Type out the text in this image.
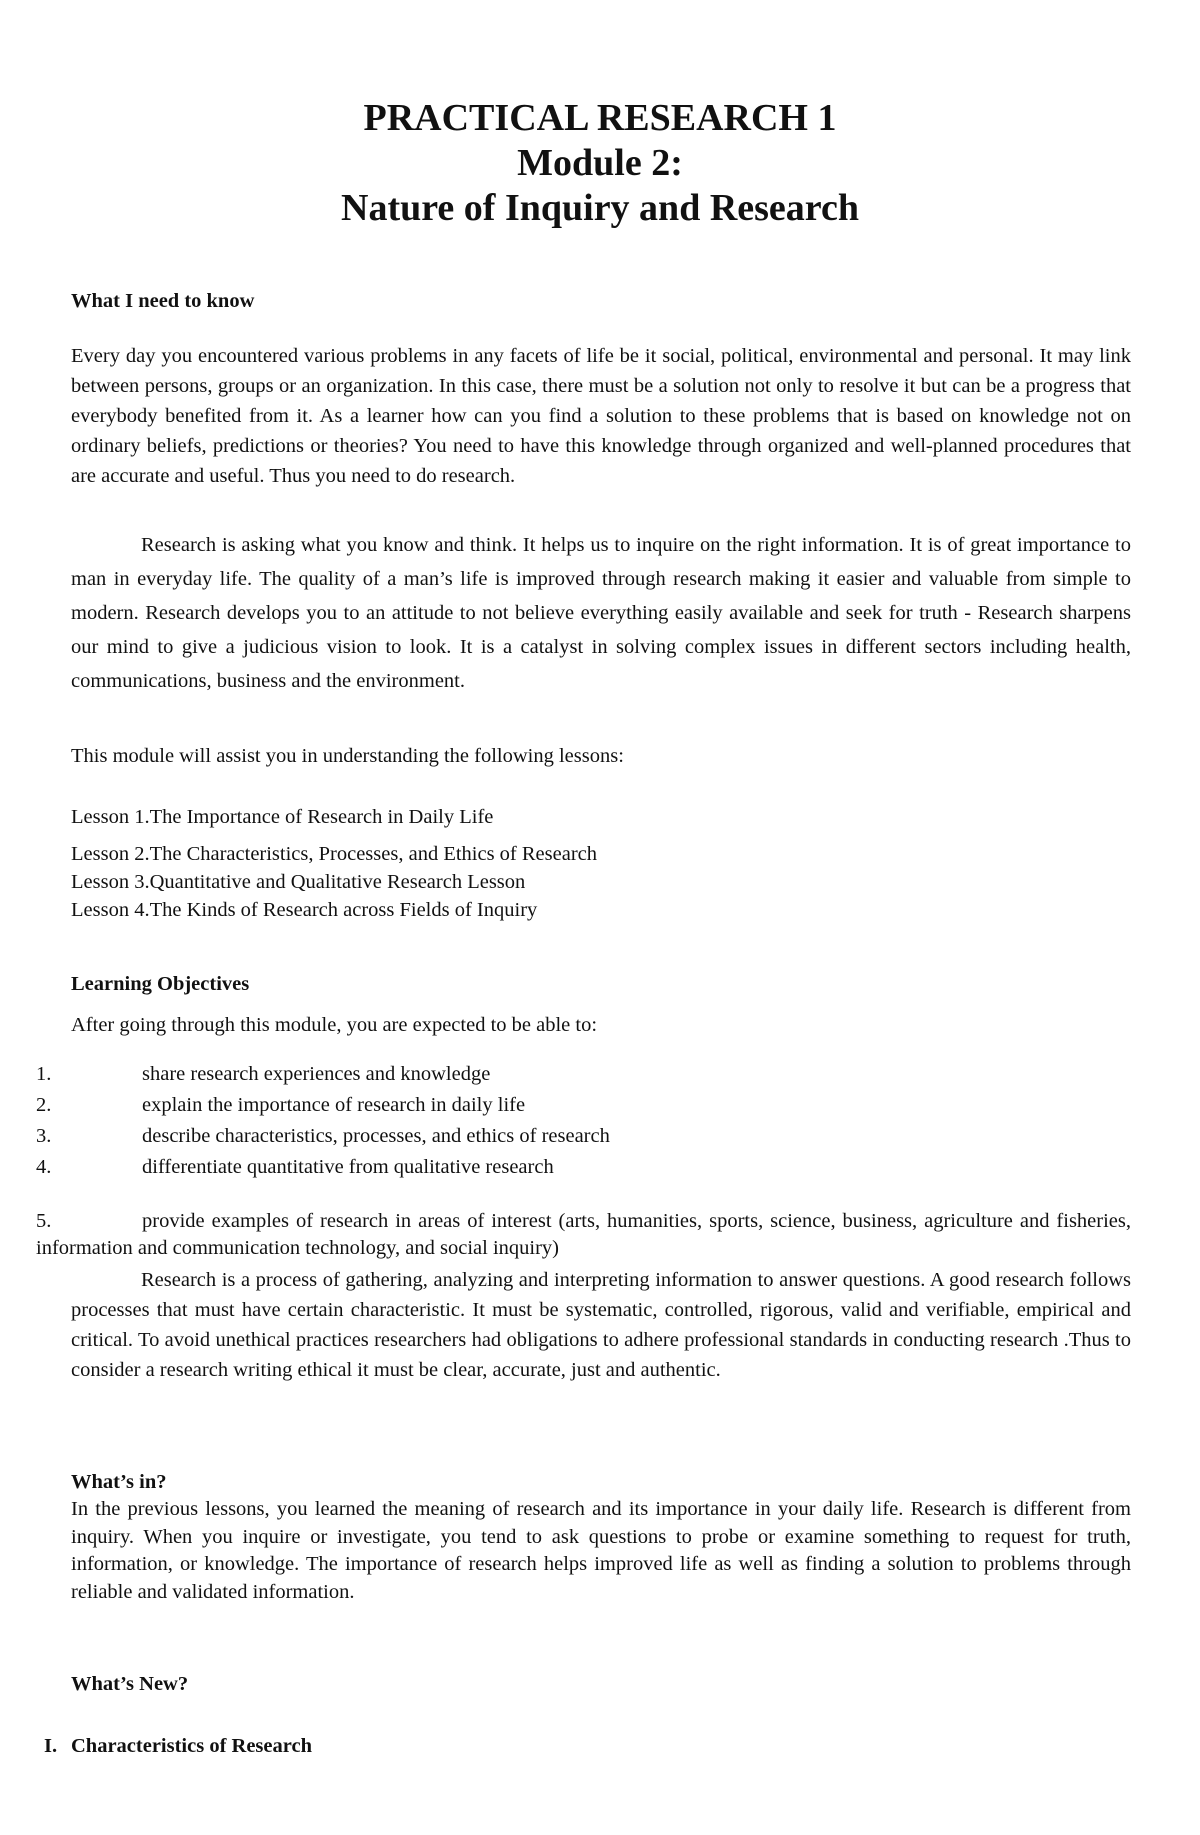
PRACTICAL RESEARCH 1
Module 2:
Nature of Inquiry and Research

What I need to know

Every day you encountered various problems in any facets of life be it social, political, environmental and personal. It may link between persons, groups or an organization. In this case, there must be a solution not only to resolve it but can be a progress that everybody benefited from it. As a learner how can you find a solution to these problems that is based on knowledge not on ordinary beliefs, predictions or theories? You need to have this knowledge through organized and well-planned procedures that are accurate and useful. Thus you need to do research.

Research is asking what you know and think. It helps us to inquire on the right information. It is of great importance to man in everyday life. The quality of a man’s life is improved through research making it easier and valuable from simple to modern. Research develops you to an attitude to not believe everything easily available and seek for truth - Research sharpens our mind to give a judicious vision to look. It is a catalyst in solving complex issues in different sectors including health, communications, business and the environment.

This module will assist you in understanding the following lessons:

Lesson 1.The Importance of Research in Daily Life

Lesson 2.The Characteristics, Processes, and Ethics of Research

Lesson 3.Quantitative and Qualitative Research Lesson

Lesson 4.The Kinds of Research across Fields of Inquiry

Learning Objectives

After going through this module, you are expected to be able to:

1.	share research experiences and knowledge

2.	explain the importance of research in daily life

3.	describe characteristics, processes, and ethics of research

4.	differentiate quantitative from qualitative research

5.	provide examples of research in areas of interest (arts, humanities, sports, science, business, agriculture and fisheries, information and communication technology, and social inquiry)

Research is a process of gathering, analyzing and interpreting information to answer questions. A good research follows processes that must have certain characteristic. It must be systematic, controlled, rigorous, valid and verifiable, empirical and critical. To avoid unethical practices researchers had obligations to adhere professional standards in conducting research .Thus to consider a research writing ethical it must be clear, accurate, just and authentic.

What’s in?

In the previous lessons, you learned the meaning of research and its importance in your daily life. Research is different from inquiry. When you inquire or investigate, you tend to ask questions to probe or examine something to request for truth, information, or knowledge. The importance of research helps improved life as well as finding a solution to problems through reliable and validated information.

What’s New?

I. Characteristics of Research
